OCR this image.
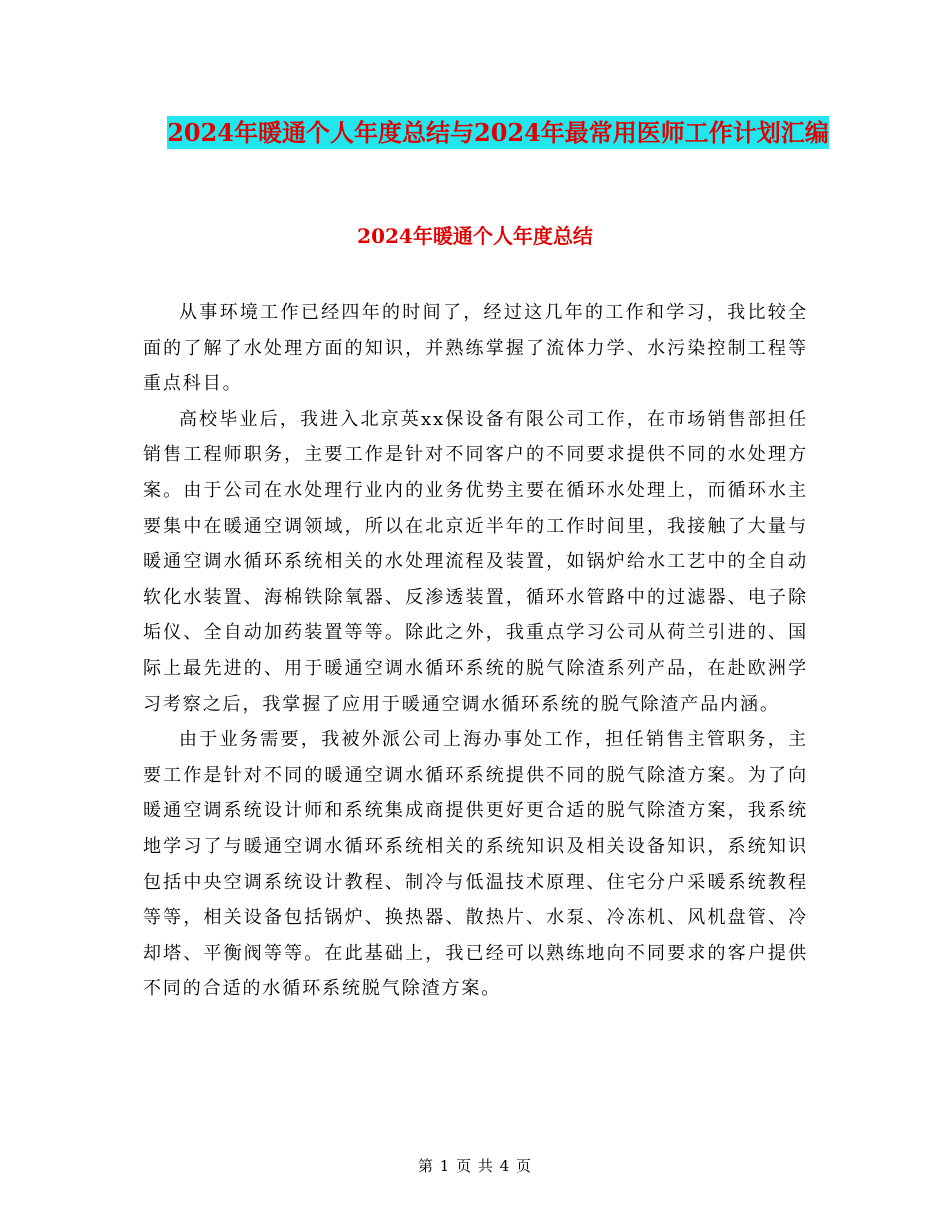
2024年暖通个人年度总结与2024年最常用医师工作计划汇编
2024年暖通个人年度总结

从事环境工作已经四年的时间了，经过这几年的工作和学习，我比较全面的了解了水处理方面的知识，并熟练掌握了流体力学、水污染控制工程等重点科目。

高校毕业后，我进入北京英xx保设备有限公司工作，在市场销售部担任销售工程师职务，主要工作是针对不同客户的不同要求提供不同的水处理方案。由于公司在水处理行业内的业务优势主要在循环水处理上，而循环水主要集中在暖通空调领域，所以在北京近半年的工作时间里，我接触了大量与暖通空调水循环系统相关的水处理流程及装置，如锅炉给水工艺中的全自动软化水装置、海棉铁除氧器、反渗透装置，循环水管路中的过滤器、电子除垢仪、全自动加药装置等等。除此之外，我重点学习公司从荷兰引进的、国际上最先进的、用于暖通空调水循环系统的脱气除渣系列产品，在赴欧洲学习考察之后，我掌握了应用于暖通空调水循环系统的脱气除渣产品内涵。

由于业务需要，我被外派公司上海办事处工作，担任销售主管职务，主要工作是针对不同的暖通空调水循环系统提供不同的脱气除渣方案。为了向暖通空调系统设计师和系统集成商提供更好更合适的脱气除渣方案，我系统地学习了与暖通空调水循环系统相关的系统知识及相关设备知识，系统知识包括中央空调系统设计教程、制冷与低温技术原理、住宅分户采暖系统教程等等，相关设备包括锅炉、换热器、散热片、水泵、冷冻机、风机盘管、冷却塔、平衡阀等等。在此基础上，我已经可以熟练地向不同要求的客户提供不同的合适的水循环系统脱气除渣方案。

第 1 页 共 4 页
